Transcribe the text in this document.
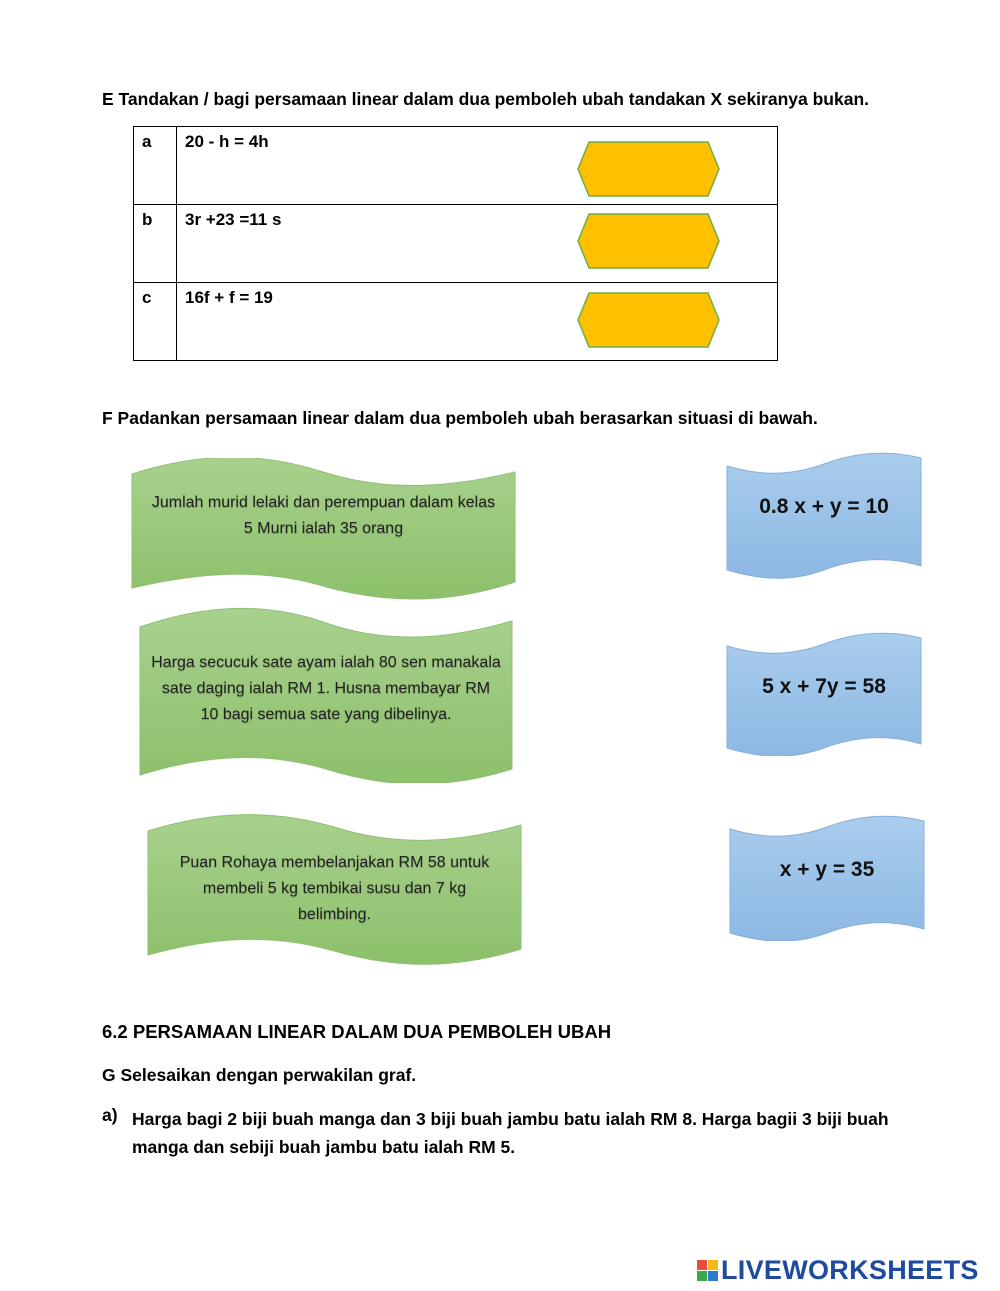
E Tandakan / bagi persamaan linear dalam dua pemboleh ubah tandakan X sekiranya bukan.
a	20 - h = 4h

b	3r +23 =11 s

c	16f + f = 19
F Padankan persamaan linear dalam dua pemboleh ubah berasarkan situasi di bawah.
Jumlah murid lelaki dan perempuan dalam kelas
5 Murni ialah 35 orang
Harga secucuk sate ayam ialah 80 sen manakala
sate daging ialah RM 1. Husna membayar RM
10 bagi semua sate yang dibelinya.
Puan Rohaya membelanjakan RM 58 untuk
membeli 5 kg tembikai susu dan 7 kg
belimbing.
0.8 x + y = 10
5 x + 7y = 58
x + y = 35
6.2 PERSAMAAN LINEAR DALAM DUA PEMBOLEH UBAH
G Selesaikan dengan perwakilan graf.
a) Harga bagi 2 biji buah manga dan 3 biji buah jambu batu ialah RM 8. Harga bagii 3 biji buah
manga dan sebiji buah jambu batu ialah RM 5.
LIVEWORKSHEETS
